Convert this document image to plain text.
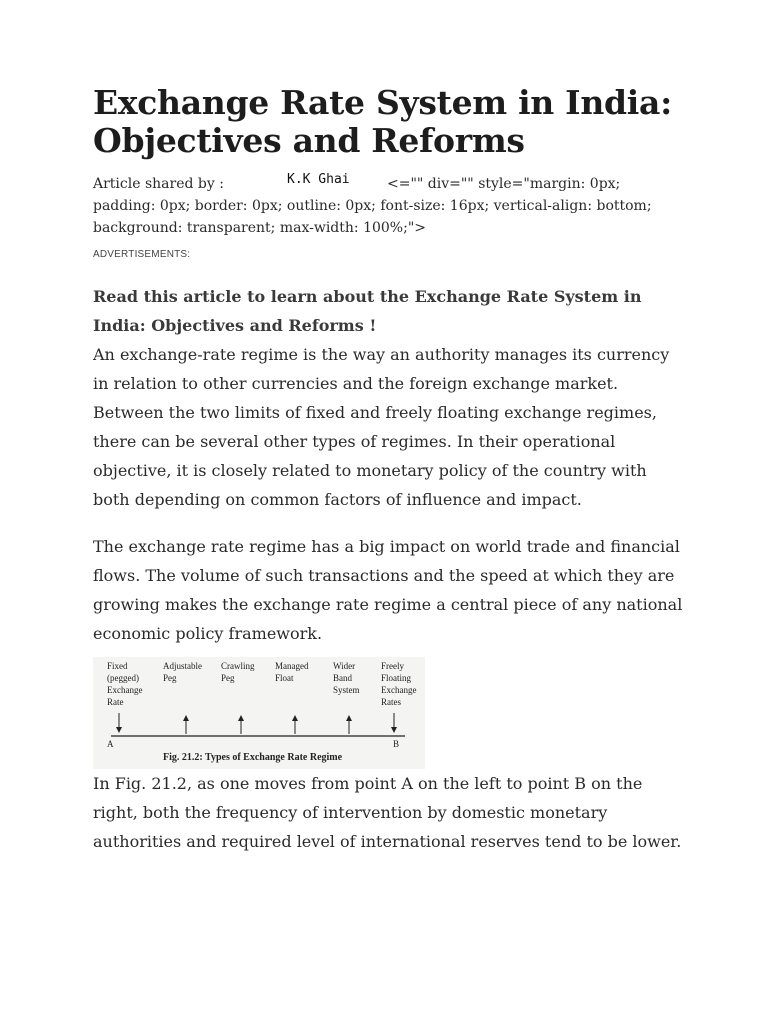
Exchange Rate System in India: Objectives and Reforms
<="" div="" style="margin: 0px; padding: 0px; border: 0px; outline: 0px; font-size: 16px; vertical-align: bottom; background: transparent; max-width: 100%;">
Article shared by :	K.K Ghai
ADVERTISEMENTS:
Read this article to learn about the Exchange Rate System in India: Objectives and Reforms !

An exchange-rate regime is the way an authority manages its currency in relation to other currencies and the foreign exchange market. Between the two limits of fixed and freely floating exchange regimes, there can be several other types of regimes. In their operational objective, it is closely related to monetary policy of the country with both depending on common factors of influence and impact.

The exchange rate regime has a big impact on world trade and financial flows. The volume of such transactions and the speed at which they are growing makes the exchange rate regime a central piece of any national economic policy framework.

Fixed
(pegged)
Exchange
Rate
Adjustable
Peg
Crawling
Peg
Managed
Float
Wider
Band
System
Freely
Floating
Exchange
Rates
A	B
Fig. 21.2: Types of Exchange Rate Regime

In Fig. 21.2, as one moves from point A on the left to point B on the right, both the frequency of intervention by domestic monetary authorities and required level of international reserves tend to be lower.
